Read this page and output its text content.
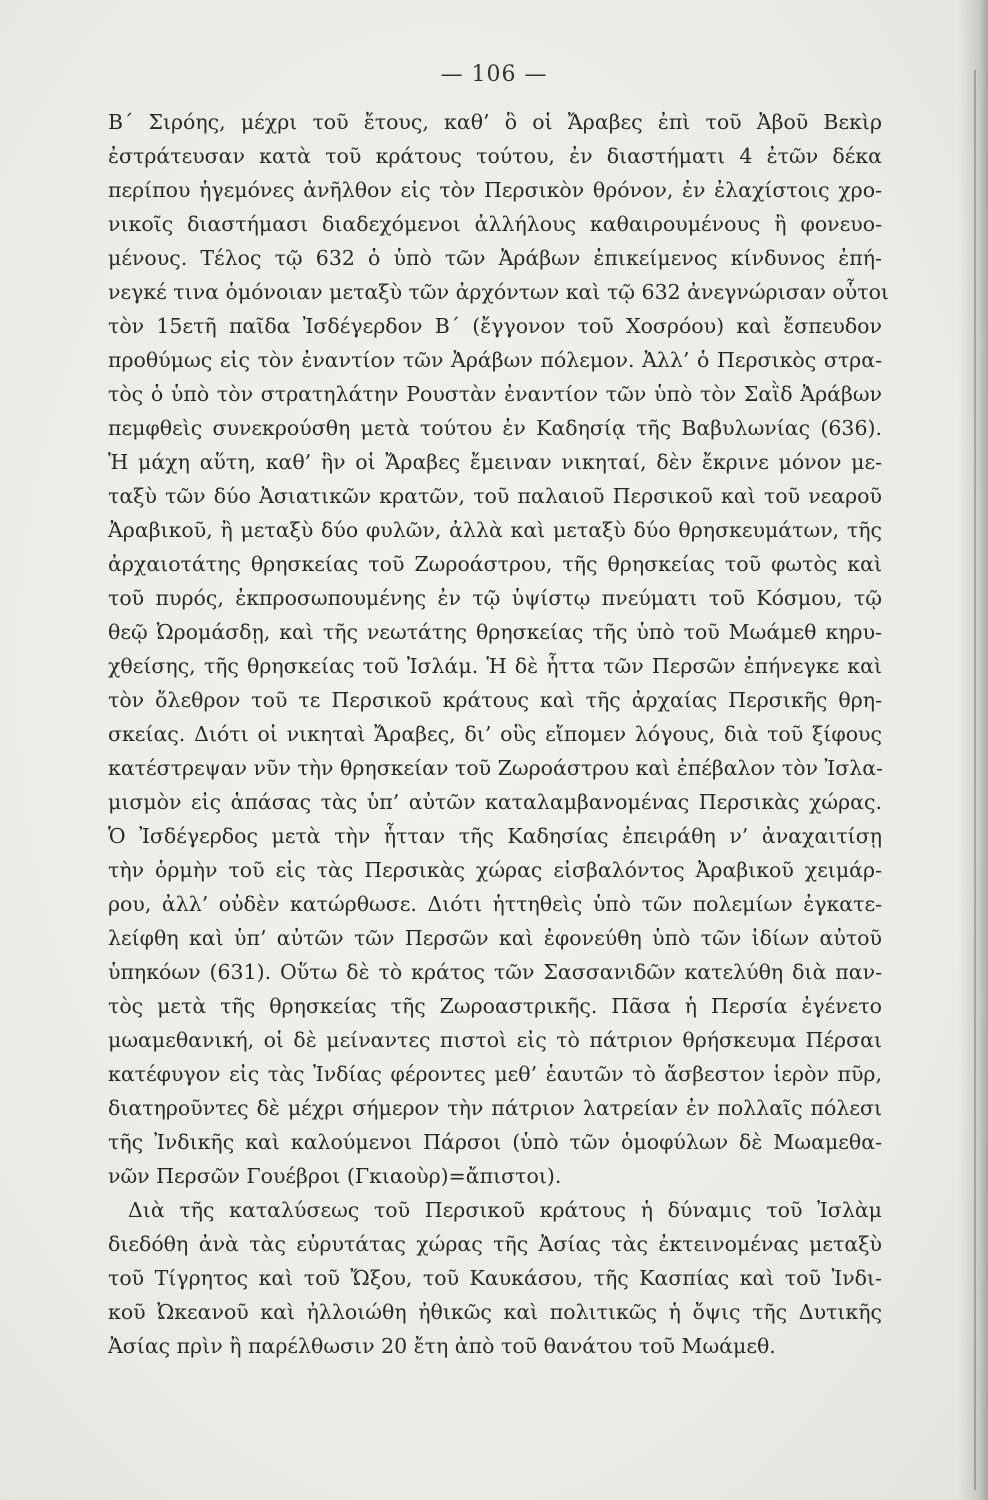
— 106 —
Β΄ Σιρόης, μέχρι τοῦ ἔτους, καθ’ ὃ οἱ Ἄραβες ἐπὶ τοῦ Ἀβοῦ Βεκὶρ
ἐστράτευσαν κατὰ τοῦ κράτους τούτου, ἐν διαστήματι 4 ἐτῶν δέκα
περίπου ἡγεμόνες ἀνῆλθον εἰς τὸν Περσικὸν θρόνον, ἐν ἐλαχίστοις χρο-
νικοῖς διαστήμασι διαδεχόμενοι ἀλλήλους καθαιρουμένους ἢ φονευο-
μένους. Τέλος τῷ 632 ὁ ὑπὸ τῶν Ἀράβων ἐπικείμενος κίνδυνος ἐπή-
νεγκέ τινα ὁμόνοιαν μεταξὺ τῶν ἀρχόντων καὶ τῷ 632 ἀνεγνώρισαν οὗτοι
τὸν 15ετῆ παῖδα Ἰσδέγερδον Β΄ (ἔγγονον τοῦ Χοσρόου) καὶ ἔσπευδον
προθύμως εἰς τὸν ἐναντίον τῶν Ἀράβων πόλεμον. Ἀλλ’ ὁ Περσικὸς στρα-
τὸς ὁ ὑπὸ τὸν στρατηλάτην Ρουστὰν ἐναντίον τῶν ὑπὸ τὸν Σαῒδ Ἀράβων
πεμφθεὶς συνεκρούσθη μετὰ τούτου ἐν Καδησίᾳ τῆς Βαβυλωνίας (636).
Ἡ μάχη αὕτη, καθ’ ἣν οἱ Ἄραβες ἔμειναν νικηταί, δὲν ἔκρινε μόνον με-
ταξὺ τῶν δύο Ἀσιατικῶν κρατῶν, τοῦ παλαιοῦ Περσικοῦ καὶ τοῦ νεαροῦ
Ἀραβικοῦ, ἢ μεταξὺ δύο φυλῶν, ἀλλὰ καὶ μεταξὺ δύο θρησκευμάτων, τῆς
ἀρχαιοτάτης θρησκείας τοῦ Ζωροάστρου, τῆς θρησκείας τοῦ φωτὸς καὶ
τοῦ πυρός, ἐκπροσωπουμένης ἐν τῷ ὑψίστῳ πνεύματι τοῦ Κόσμου, τῷ
θεῷ Ὠρομάσδῃ, καὶ τῆς νεωτάτης θρησκείας τῆς ὑπὸ τοῦ Μωάμεθ κηρυ-
χθείσης, τῆς θρησκείας τοῦ Ἰσλάμ. Ἡ δὲ ἧττα τῶν Περσῶν ἐπήνεγκε καὶ
τὸν ὄλεθρον τοῦ τε Περσικοῦ κράτους καὶ τῆς ἀρχαίας Περσικῆς θρη-
σκείας. Διότι οἱ νικηταὶ Ἄραβες, δι’ οὓς εἴπομεν λόγους, διὰ τοῦ ξίφους
κατέστρεψαν νῦν τὴν θρησκείαν τοῦ Ζωροάστρου καὶ ἐπέβαλον τὸν Ἰσλα-
μισμὸν εἰς ἁπάσας τὰς ὑπ’ αὐτῶν καταλαμβανομένας Περσικὰς χώρας.
Ὁ Ἰσδέγερδος μετὰ τὴν ἧτταν τῆς Καδησίας ἐπειράθη ν’ ἀναχαιτίσῃ
τὴν ὁρμὴν τοῦ εἰς τὰς Περσικὰς χώρας εἰσβαλόντος Ἀραβικοῦ χειμάρ-
ρου, ἀλλ’ οὐδὲν κατώρθωσε. Διότι ἡττηθεὶς ὑπὸ τῶν πολεμίων ἐγκατε-
λείφθη καὶ ὑπ’ αὐτῶν τῶν Περσῶν καὶ ἐφονεύθη ὑπὸ τῶν ἰδίων αὐτοῦ
ὑπηκόων (631). Οὕτω δὲ τὸ κράτος τῶν Σασσανιδῶν κατελύθη διὰ παν-
τὸς μετὰ τῆς θρησκείας τῆς Ζωροαστρικῆς. Πᾶσα ἡ Περσία ἐγένετο
μωαμεθανική, οἱ δὲ μείναντες πιστοὶ εἰς τὸ πάτριον θρήσκευμα Πέρσαι
κατέφυγον εἰς τὰς Ἰνδίας φέροντες μεθ’ ἑαυτῶν τὸ ἄσβεστον ἱερὸν πῦρ,
διατηροῦντες δὲ μέχρι σήμερον τὴν πάτριον λατρείαν ἐν πολλαῖς πόλεσι
τῆς Ἰνδικῆς καὶ καλούμενοι Πάρσοι (ὑπὸ τῶν ὁμοφύλων δὲ Μωαμεθα-
νῶν Περσῶν Γουέβροι (Γκιαοὺρ)=ἄπιστοι).
Διὰ τῆς καταλύσεως τοῦ Περσικοῦ κράτους ἡ δύναμις τοῦ Ἰσλὰμ
διεδόθη ἀνὰ τὰς εὐρυτάτας χώρας τῆς Ἀσίας τὰς ἐκτεινομένας μεταξὺ
τοῦ Τίγρητος καὶ τοῦ Ὤξου, τοῦ Καυκάσου, τῆς Κασπίας καὶ τοῦ Ἰνδι-
κοῦ Ὠκεανοῦ καὶ ἠλλοιώθη ἠθικῶς καὶ πολιτικῶς ἡ ὄψις τῆς Δυτικῆς
Ἀσίας πρὶν ἢ παρέλθωσιν 20 ἔτη ἀπὸ τοῦ θανάτου τοῦ Μωάμεθ.
